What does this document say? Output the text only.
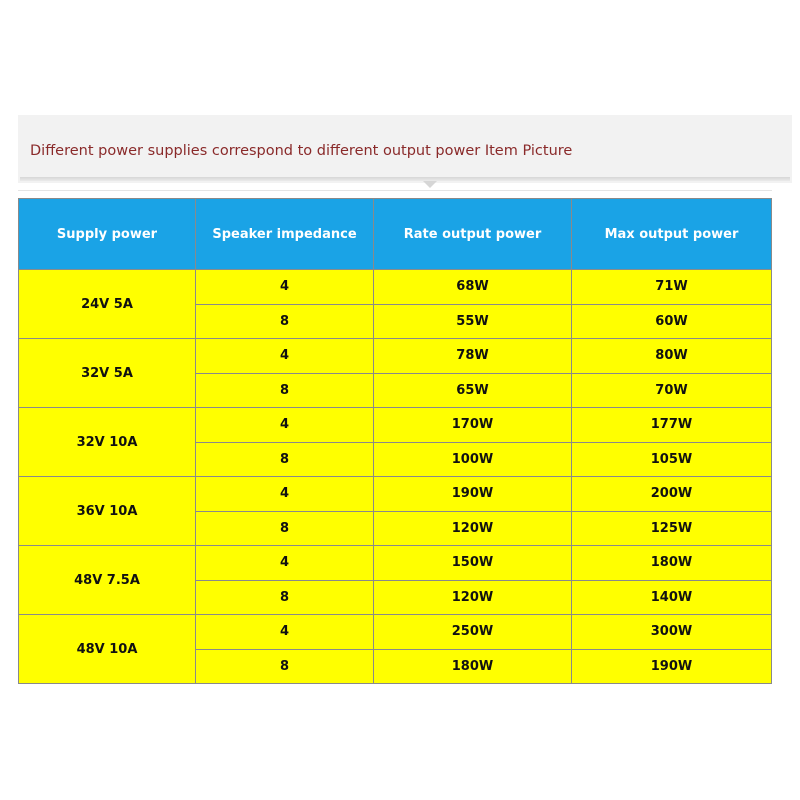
Different power supplies correspond to different output power Item Picture
Supply power	Speaker impedance	Rate output power	Max output power
24V 5A	4	68W	71W
	8	55W	60W
32V 5A	4	78W	80W
	8	65W	70W
32V 10A	4	170W	177W
	8	100W	105W
36V 10A	4	190W	200W
	8	120W	125W
48V 7.5A	4	150W	180W
	8	120W	140W
48V 10A	4	250W	300W
	8	180W	190W
